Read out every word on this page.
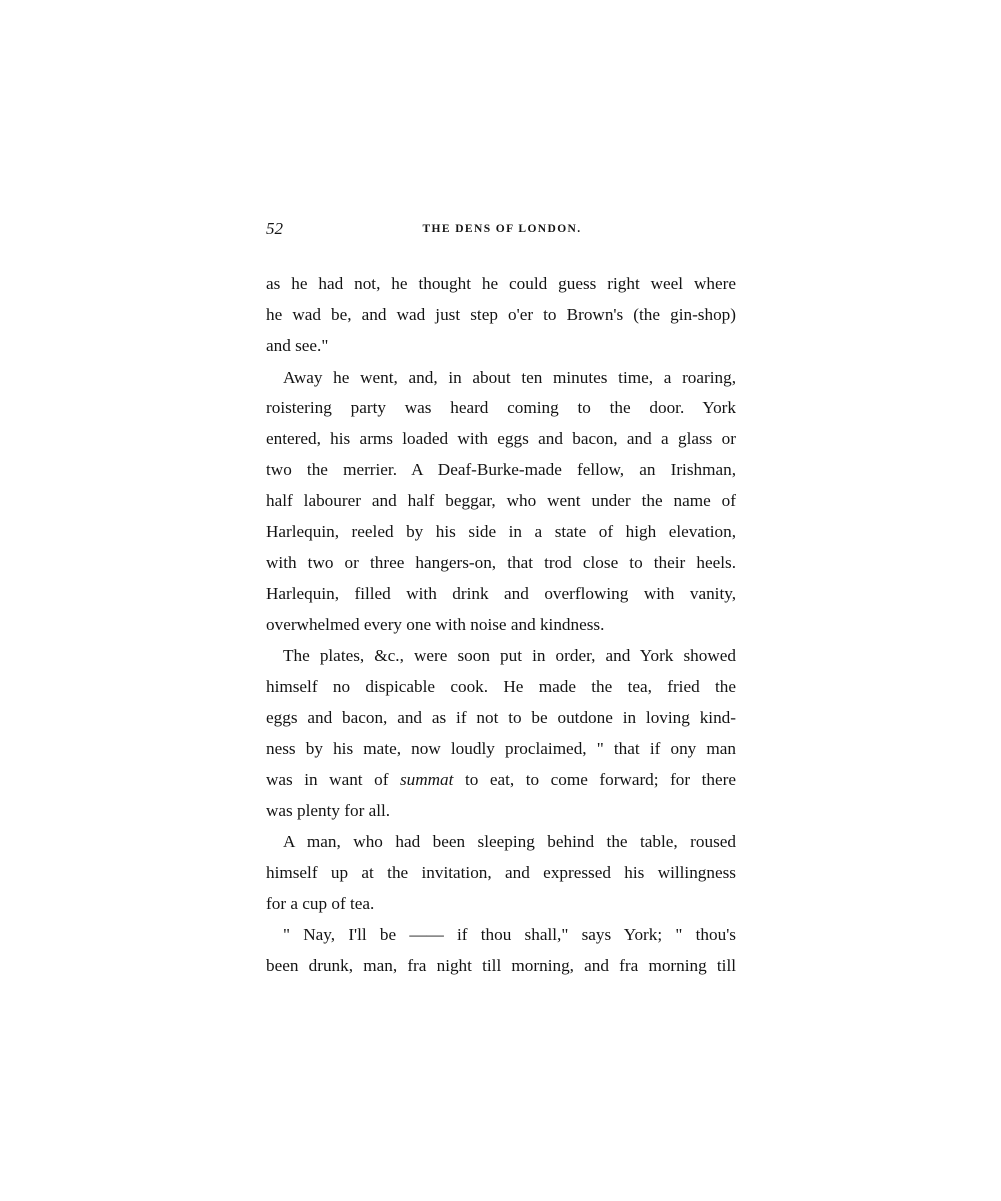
52	THE DENS OF LONDON.
as he had not, he thought he could guess right weel where
he wad be, and wad just step o'er to Brown's (the gin-shop)
and see."
Away he went, and, in about ten minutes time, a roaring,
roistering party was heard coming to the door. York
entered, his arms loaded with eggs and bacon, and a glass or
two the merrier. A Deaf-Burke-made fellow, an Irishman,
half labourer and half beggar, who went under the name of
Harlequin, reeled by his side in a state of high elevation,
with two or three hangers-on, that trod close to their heels.
Harlequin, filled with drink and overflowing with vanity,
overwhelmed every one with noise and kindness.
The plates, &c., were soon put in order, and York showed
himself no dispicable cook. He made the tea, fried the
eggs and bacon, and as if not to be outdone in loving kind-
ness by his mate, now loudly proclaimed, " that if ony man
was in want of summat to eat, to come forward; for there
was plenty for all.
A man, who had been sleeping behind the table, roused
himself up at the invitation, and expressed his willingness
for a cup of tea.
" Nay, I'll be —— if thou shall," says York; " thou's
been drunk, man, fra night till morning, and fra morning till
